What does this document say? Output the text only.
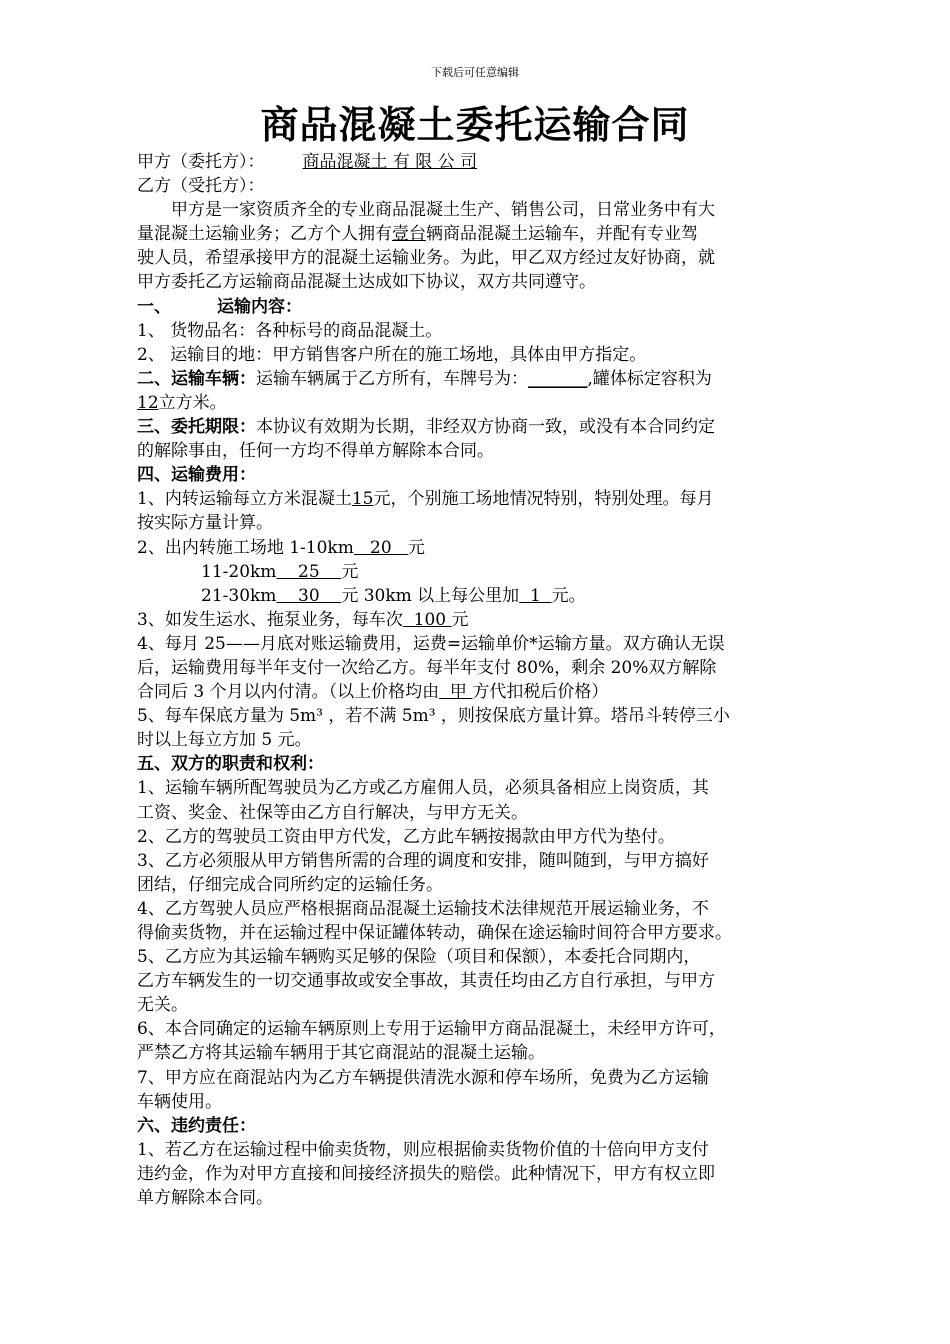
下载后可任意编辑
商品混凝土委托运输合同

甲方（委托方）： 商品混凝土 有 限 公 司

乙方（受托方）：

甲方是一家资质齐全的专业商品混凝土生产、销售公司，日常业务中有大

量混凝土运输业务；乙方个人拥有壹台辆商品混凝土运输车，并配有专业驾

驶人员，希望承接甲方的混凝土运输业务。为此，甲乙双方经过友好协商，就

甲方委托乙方运输商品混凝土达成如下协议，双方共同遵守。

一、	运输内容：

1、 货物品名：各种标号的商品混凝土。

2、 运输目的地：甲方销售客户所在的施工场地，具体由甲方指定。

二、运输车辆：运输车辆属于乙方所有，车牌号为：_______,罐体标定容积为

12立方米。

三、委托期限：本协议有效期为长期，非经双方协商一致，或没有本合同约定

的解除事由，任何一方均不得单方解除本合同。

四、运输费用：

1、内转运输每立方米混凝土15元，个别施工场地情况特别，特别处理。每月

按实际方量计算。

2、出内转施工场地 1-10km   20   元

11-20km    25    元

21-30km    30    元 30km 以上每公里加  1  元。

3、如发生运水、拖泵业务，每车次  100 元

4、每月 25——月底对账运输费用，运费=运输单价*运输方量。双方确认无误

后，运输费用每半年支付一次给乙方。每半年支付 80%，剩余 20%双方解除

合同后 3 个月以内付清。（以上价格均由  甲 方代扣税后价格）

5、每车保底方量为 5m³ ，若不满 5m³ ，则按保底方量计算。塔吊斗转停三小

时以上每立方加 5 元。

五、双方的职责和权利：

1、运输车辆所配驾驶员为乙方或乙方雇佣人员，必须具备相应上岗资质，其

工资、奖金、社保等由乙方自行解决，与甲方无关。

2、乙方的驾驶员工资由甲方代发，乙方此车辆按揭款由甲方代为垫付。

3、乙方必须服从甲方销售所需的合理的调度和安排，随叫随到，与甲方搞好

团结，仔细完成合同所约定的运输任务。

4、乙方驾驶人员应严格根据商品混凝土运输技术法律规范开展运输业务，不

得偷卖货物，并在运输过程中保证罐体转动，确保在途运输时间符合甲方要求。

5、乙方应为其运输车辆购买足够的保险（项目和保额），本委托合同期内，

乙方车辆发生的一切交通事故或安全事故，其责任均由乙方自行承担，与甲方

无关。

6、本合同确定的运输车辆原则上专用于运输甲方商品混凝土，未经甲方许可，

严禁乙方将其运输车辆用于其它商混站的混凝土运输。

7、甲方应在商混站内为乙方车辆提供清洗水源和停车场所，免费为乙方运输

车辆使用。

六、违约责任：

1、若乙方在运输过程中偷卖货物，则应根据偷卖货物价值的十倍向甲方支付

违约金，作为对甲方直接和间接经济损失的赔偿。此种情况下，甲方有权立即

单方解除本合同。
